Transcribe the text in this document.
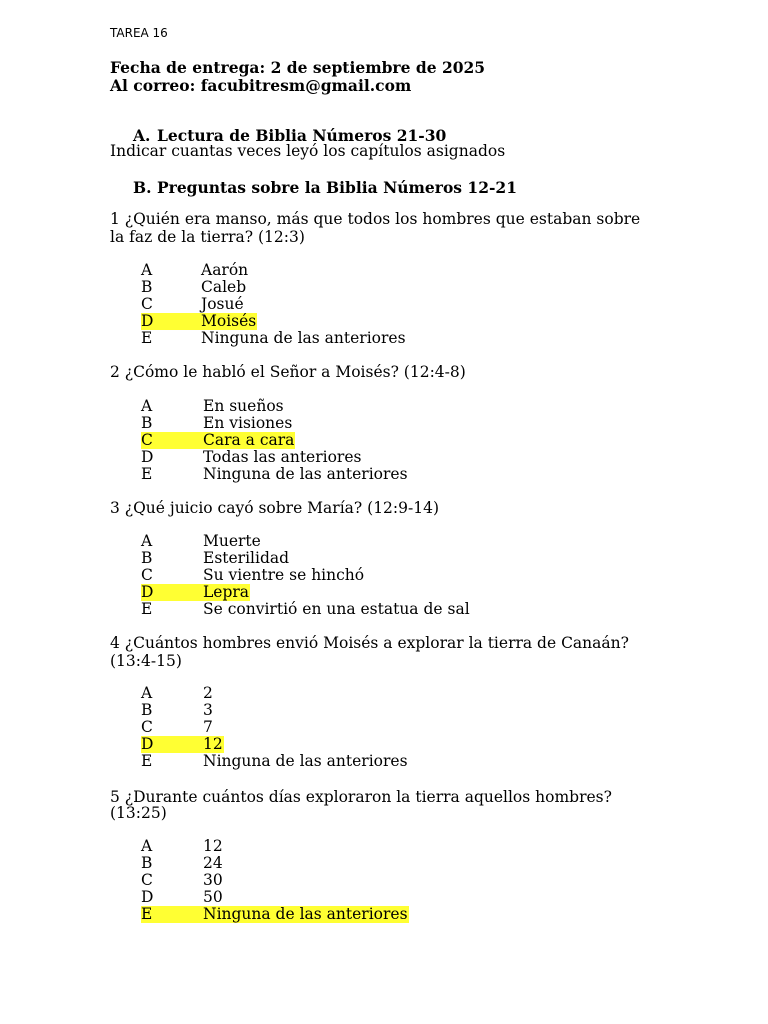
TAREA 16
Fecha de entrega: 2 de septiembre de 2025
Al correo: facubitresm@gmail.com
A. Lectura de Biblia Números 21-30
Indicar cuantas veces leyó los capítulos asignados
B. Preguntas sobre la Biblia Números 12-21
1 ¿Quién era manso, más que todos los hombres que estaban sobre
la faz de la tierra? (12:3)
A	Aarón
B	Caleb
C	Josué
D	Moisés
E	Ninguna de las anteriores
2 ¿Cómo le habló el Señor a Moisés? (12:4-8)
A	En sueños
B	En visiones
C	Cara a cara
D	Todas las anteriores
E	Ninguna de las anteriores
3 ¿Qué juicio cayó sobre María? (12:9-14)
A	Muerte
B	Esterilidad
C	Su vientre se hinchó
D	Lepra
E	Se convirtió en una estatua de sal
4 ¿Cuántos hombres envió Moisés a explorar la tierra de Canaán?
(13:4-15)
A	2
B	3
C	7
D	12
E	Ninguna de las anteriores
5 ¿Durante cuántos días exploraron la tierra aquellos hombres?
(13:25)
A	12
B	24
C	30
D	50
E	Ninguna de las anteriores
